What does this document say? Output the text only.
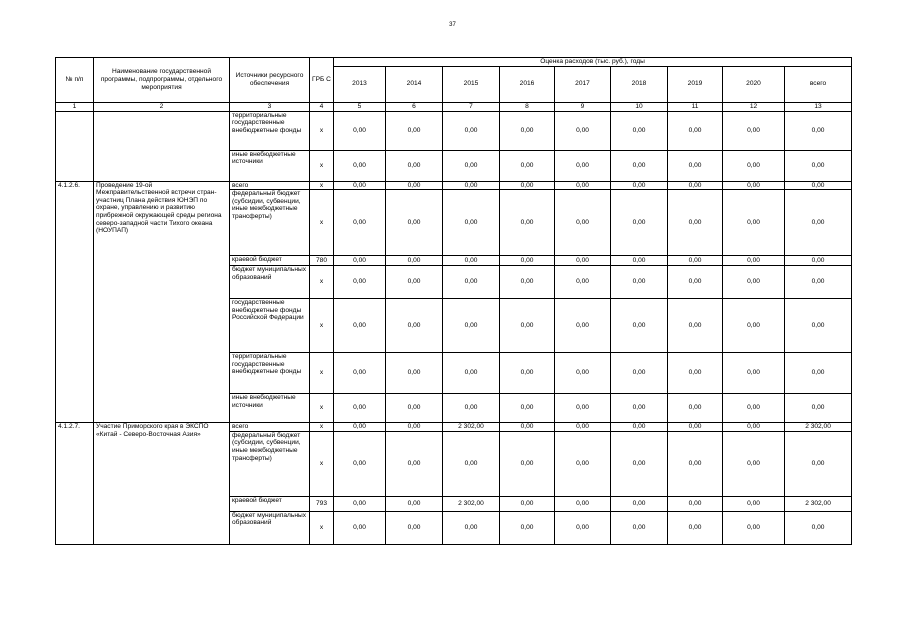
37
№ п/п	Наименование государственной программы, подпрограммы, отдельного мероприятия	Источники ресурсного обеспечения	ГРБ С	Оценка расходов (тыс. руб.), годы								
				2013	2014	2015	2016	2017	2018	2019	2020	всего
1	2	3	4	5	6	7	8	9	10	11	12	13
		территориальные государственные внебюджетные фонды	x	0,00	0,00	0,00	0,00	0,00	0,00	0,00	0,00	0,00
		иные внебюджетные источники	x	0,00	0,00	0,00	0,00	0,00	0,00	0,00	0,00	0,00
4.1.2.6.	Проведение 19-ой Межправительственной встречи стран-участниц Плана действия ЮНЭП по охране, управлению и развитию прибрежной окружающей среды региона северо-западной части Тихого океана (НОУПАП)	всего	x	0,00	0,00	0,00	0,00	0,00	0,00	0,00	0,00	0,00
		федеральный бюджет (субсидии, субвенции, иные межбюджетные трансферты)	x	0,00	0,00	0,00	0,00	0,00	0,00	0,00	0,00	0,00
		краевой бюджет	780	0,00	0,00	0,00	0,00	0,00	0,00	0,00	0,00	0,00
		бюджет муниципальных образований	x	0,00	0,00	0,00	0,00	0,00	0,00	0,00	0,00	0,00
		государственные внебюджетные фонды Российской Федерации	x	0,00	0,00	0,00	0,00	0,00	0,00	0,00	0,00	0,00
		территориальные государственные внебюджетные фонды	x	0,00	0,00	0,00	0,00	0,00	0,00	0,00	0,00	0,00
		иные внебюджетные источники	x	0,00	0,00	0,00	0,00	0,00	0,00	0,00	0,00	0,00
4.1.2.7.	Участие Приморского края в ЭКСПО «Китай - Северо-Восточная Азия»	всего	x	0,00	0,00	2 302,00	0,00	0,00	0,00	0,00	0,00	2 302,00
		федеральный бюджет (субсидии, субвенции, иные межбюджетные трансферты)	x	0,00	0,00	0,00	0,00	0,00	0,00	0,00	0,00	0,00
		краевой бюджет	793	0,00	0,00	2 302,00	0,00	0,00	0,00	0,00	0,00	2 302,00
		бюджет муниципальных образований	x	0,00	0,00	0,00	0,00	0,00	0,00	0,00	0,00	0,00
